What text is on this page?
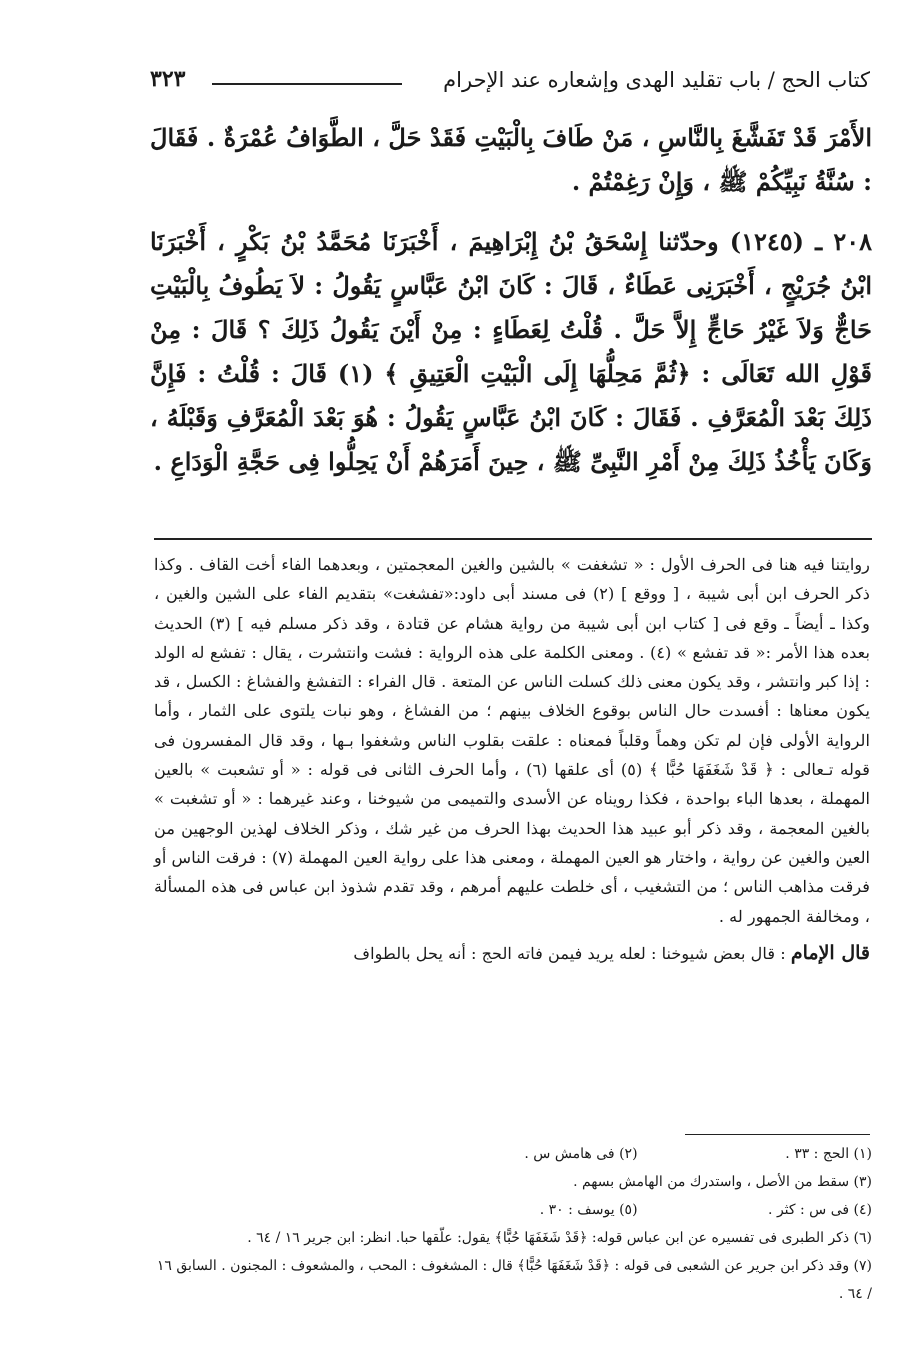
٣٢٣	كتاب الحج / باب تقليد الهدى وإشعاره عند الإحرام

الأَمْرَ قَدْ تَفَشَّغَ بِالنَّاسِ ، مَنْ طَافَ بِالْبَيْتِ فَقَدْ حَلَّ ، الطَّوَافُ عُمْرَةٌ . فَقَالَ : سُنَّةُ نَبِيِّكُمْ ﷺ ، وَإِنْ رَغِمْتُمْ .

٢٠٨ ـ (١٢٤٥) وحدّثنا إِسْحَقُ بْنُ إِبْرَاهِيمَ ، أَخْبَرَنَا مُحَمَّدُ بْنُ بَكْرٍ ، أَخْبَرَنَا ابْنُ جُرَيْجٍ ، أَخْبَرَنِى عَطَاءٌ ، قَالَ : كَانَ ابْنُ عَبَّاسٍ يَقُولُ : لاَ يَطُوفُ بِالْبَيْتِ حَاجٌّ وَلاَ غَيْرُ حَاجٍّ إِلاَّ حَلَّ . قُلْتُ لِعَطَاءٍ : مِنْ أَيْنَ يَقُولُ ذَلِكَ ؟ قَالَ : مِنْ قَوْلِ الله تَعَالَى : ﴿ثُمَّ مَحِلُّهَا إِلَى الْبَيْتِ الْعَتِيقِ ﴾ (١) قَالَ : قُلْتُ : فَإِنَّ ذَلِكَ بَعْدَ الْمُعَرَّفِ . فَقَالَ : كَانَ ابْنُ عَبَّاسٍ يَقُولُ : هُوَ بَعْدَ الْمُعَرَّفِ وَقَبْلَهُ ، وَكَانَ يَأْخُذُ ذَلِكَ مِنْ أَمْرِ النَّبِىِّ ﷺ ، حِينَ أَمَرَهُمْ أَنْ يَحِلُّوا فِى حَجَّةِ الْوَدَاعِ .

روايتنا فيه هنا فى الحرف الأول : « تشغفت » بالشين والغين المعجمتين ، وبعدهما الفاء أخت القاف . وكذا ذكر الحرف ابن أبى شيبة ، [ ووقع ] (٢) فى مسند أبى داود:«تفشغت» بتقديم الفاء على الشين والغين ، وكذا ـ أيضاً ـ وقع فى [ كتاب ابن أبى شيبة من رواية هشام عن قتادة ، وقد ذكر مسلم فيه ] (٣) الحديث بعده هذا الأمر :« قد تفشع » (٤) . ومعنى الكلمة على هذه الرواية : فشت وانتشرت ، يقال : تفشع له الولد : إذا كبر وانتشر ، وقد يكون معنى ذلك كسلت الناس عن المتعة . قال الفراء : التفشغ والفشاغ : الكسل ، قد يكون معناها : أفسدت حال الناس بوقوع الخلاف بينهم ؛ من الفشاغ ، وهو نبات يلتوى على الثمار ، وأما الرواية الأولى فإن لم تكن وهماً وقلباً فمعناه : علقت بقلوب الناس وشغفوا بـها ، وقد قال المفسرون فى قوله تـعالى : ﴿ قَدْ شَغَفَهَا حُبًّا ﴾ (٥) أى علقها (٦) ، وأما الحرف الثانى فى قوله : « أو تشعبت » بالعين المهملة ، بعدها الباء بواحدة ، فكذا رويناه عن الأسدى والتميمى من شيوخنا ، وعند غيرهما : « أو تشغبت » بالغين المعجمة ، وقد ذكر أبو عبيد هذا الحديث بهذا الحرف من غير شك ، وذكر الخلاف لهذين الوجهين من العين والغين عن رواية ، واختار هو العين المهملة ، ومعنى هذا على رواية العين المهملة (٧) : فرقت الناس أو فرقت مذاهب الناس ؛ من التشغيب ، أى خلطت عليهم أمرهم ، وقد تقدم شذوذ ابن عباس فى هذه المسألة ، ومخالفة الجمهور له .

قال الإمام : قال بعض شيوخنا : لعله يريد فيمن فاته الحج : أنه يحل بالطواف

(١) الحج : ٣٣ . (٢) فى هامش س .
(٣) سقط من الأصل ، واستدرك من الهامش بسهم .
(٤) فى س : كثر . (٥) يوسف : ٣٠ .
(٦) ذكر الطبرى فى تفسيره عن ابن عباس قوله: ﴿قَدْ شَغَفَهَا حُبًّا﴾ يقول: علّقها حبا. انظر: ابن جرير ١٦ / ٦٤ .
(٧) وقد ذكر ابن جرير عن الشعبى فى قوله : ﴿قَدْ شَغَفَهَا حُبًّا﴾ قال : المشغوف : المحب ، والمشعوف : المجنون . السابق ١٦ / ٦٤ .
